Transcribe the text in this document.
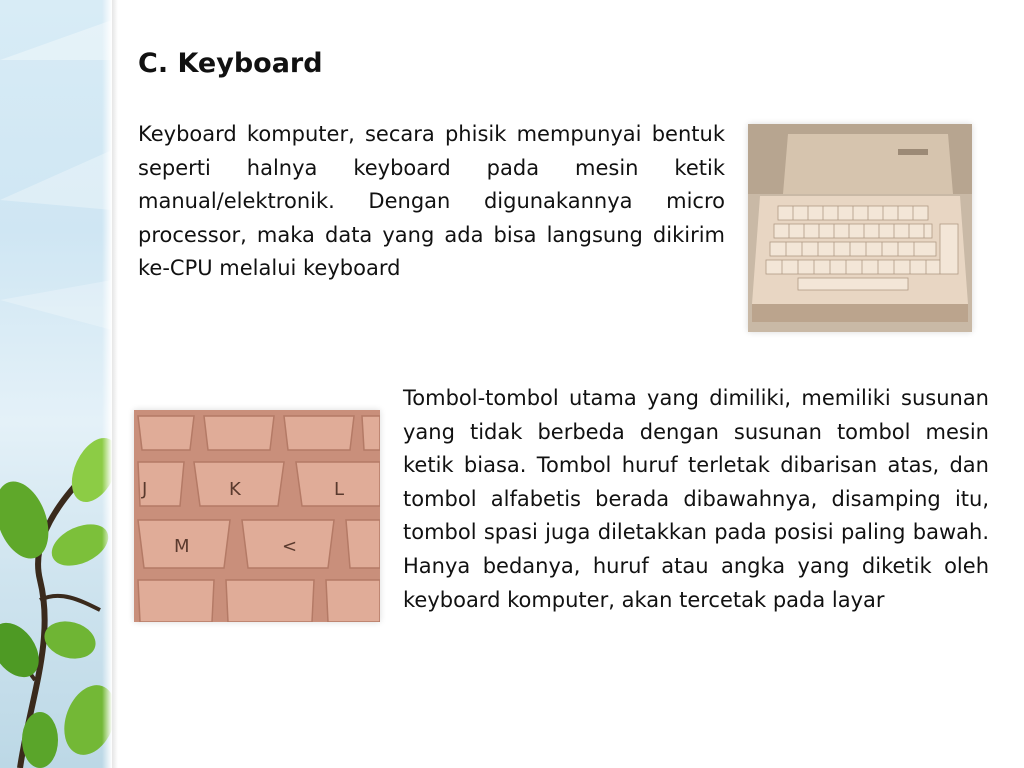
C. Keyboard

Keyboard komputer, secara phisik mempunyai bentuk seperti halnya keyboard pada mesin ketik manual/elektronik. Dengan digunakannya micro processor, maka data yang ada bisa langsung dikirim ke-CPU melalui keyboard

J	K	L
M	<

Tombol-tombol utama yang dimiliki, memiliki susunan yang tidak berbeda dengan susunan tombol mesin ketik biasa. Tombol huruf terletak dibarisan atas, dan tombol alfabetis berada dibawahnya, disamping itu, tombol spasi juga diletakkan pada posisi paling bawah. Hanya bedanya, huruf atau angka yang diketik oleh keyboard komputer, akan tercetak pada layar
